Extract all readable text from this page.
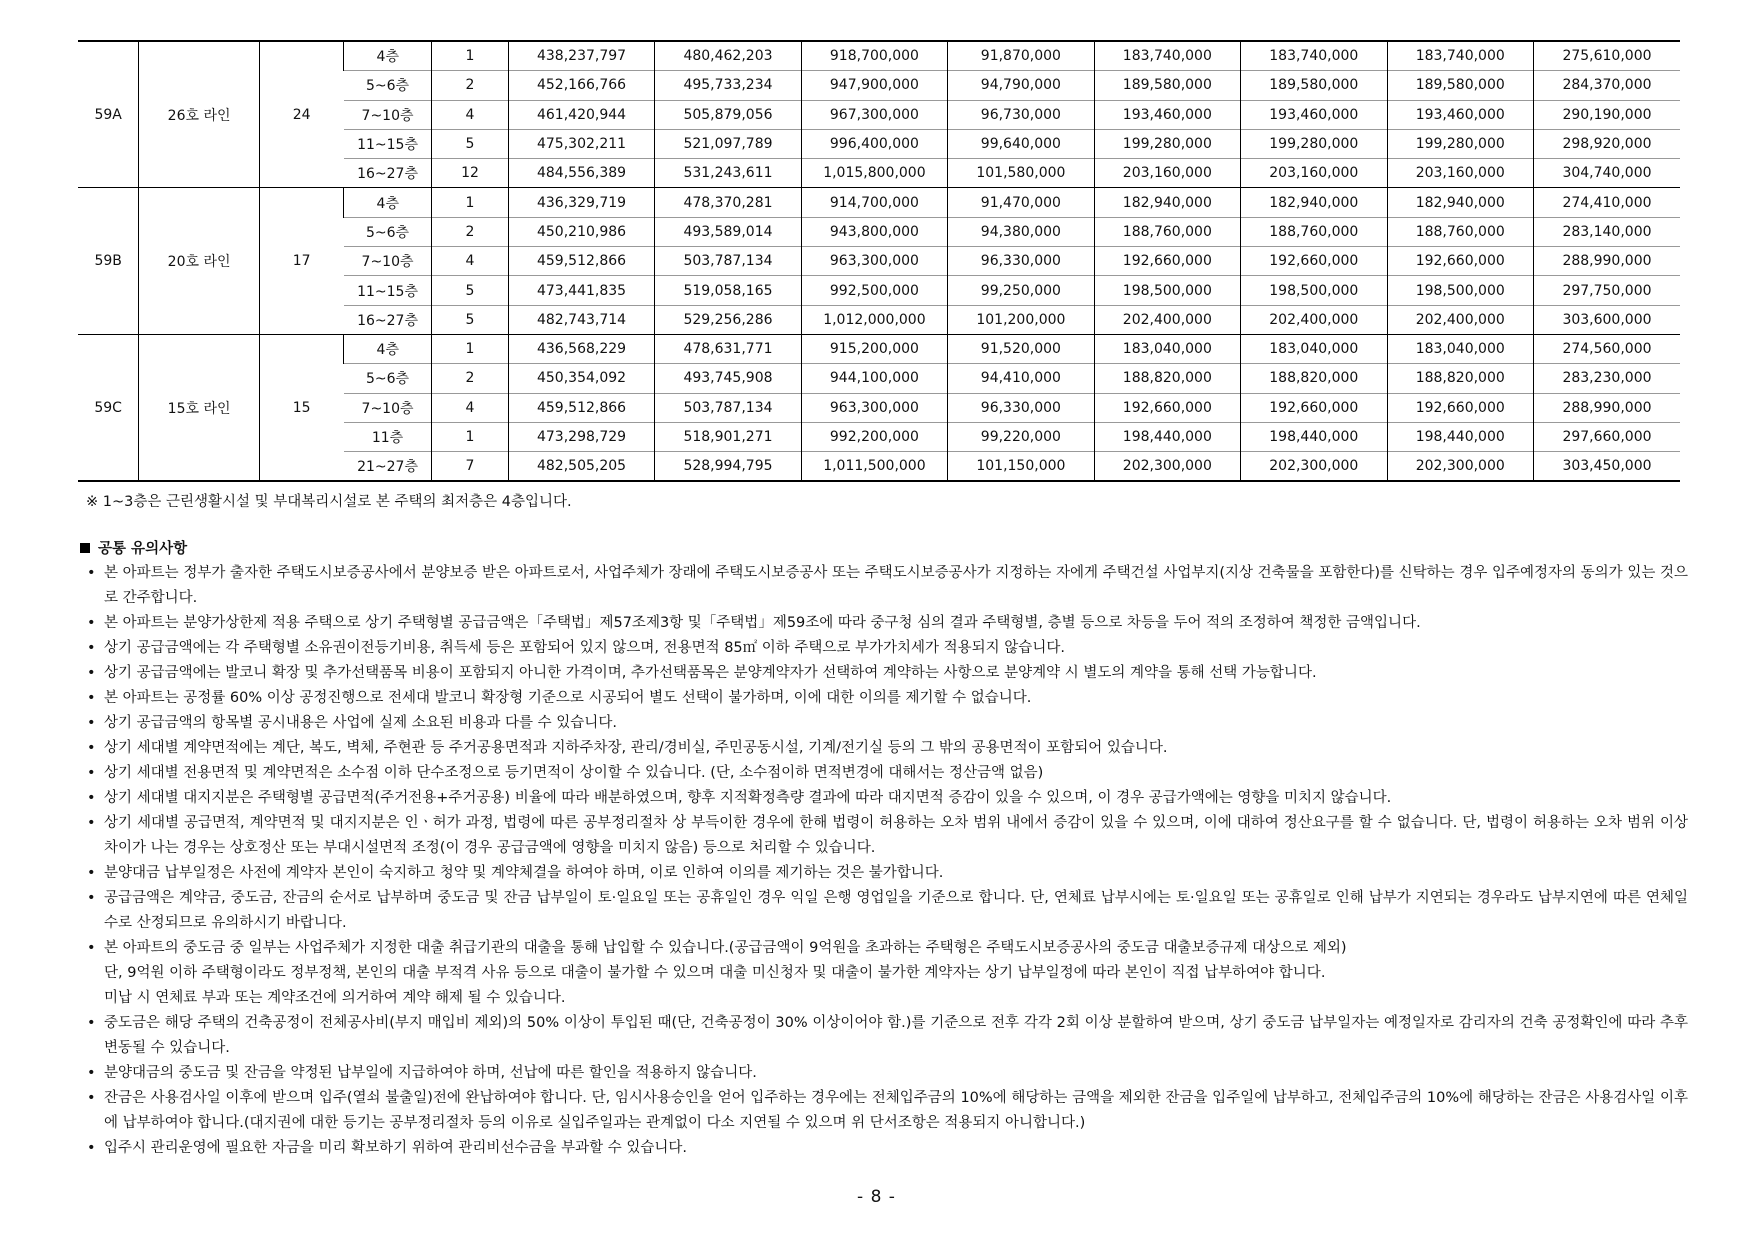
59A	26호 라인	24	4층	1	438,237,797	480,462,203	918,700,000	91,870,000	183,740,000	183,740,000	183,740,000	275,610,000
			5~6층	2	452,166,766	495,733,234	947,900,000	94,790,000	189,580,000	189,580,000	189,580,000	284,370,000
			7~10층	4	461,420,944	505,879,056	967,300,000	96,730,000	193,460,000	193,460,000	193,460,000	290,190,000
			11~15층	5	475,302,211	521,097,789	996,400,000	99,640,000	199,280,000	199,280,000	199,280,000	298,920,000
			16~27층	12	484,556,389	531,243,611	1,015,800,000	101,580,000	203,160,000	203,160,000	203,160,000	304,740,000
59B	20호 라인	17	4층	1	436,329,719	478,370,281	914,700,000	91,470,000	182,940,000	182,940,000	182,940,000	274,410,000
			5~6층	2	450,210,986	493,589,014	943,800,000	94,380,000	188,760,000	188,760,000	188,760,000	283,140,000
			7~10층	4	459,512,866	503,787,134	963,300,000	96,330,000	192,660,000	192,660,000	192,660,000	288,990,000
			11~15층	5	473,441,835	519,058,165	992,500,000	99,250,000	198,500,000	198,500,000	198,500,000	297,750,000
			16~27층	5	482,743,714	529,256,286	1,012,000,000	101,200,000	202,400,000	202,400,000	202,400,000	303,600,000
59C	15호 라인	15	4층	1	436,568,229	478,631,771	915,200,000	91,520,000	183,040,000	183,040,000	183,040,000	274,560,000
			5~6층	2	450,354,092	493,745,908	944,100,000	94,410,000	188,820,000	188,820,000	188,820,000	283,230,000
			7~10층	4	459,512,866	503,787,134	963,300,000	96,330,000	192,660,000	192,660,000	192,660,000	288,990,000
			11층	1	473,298,729	518,901,271	992,200,000	99,220,000	198,440,000	198,440,000	198,440,000	297,660,000
			21~27층	7	482,505,205	528,994,795	1,011,500,000	101,150,000	202,300,000	202,300,000	202,300,000	303,450,000
※ 1~3층은 근린생활시설 및 부대복리시설로 본 주택의 최저층은 4층입니다.
공통 유의사항
• 본 아파트는 정부가 출자한 주택도시보증공사에서 분양보증 받은 아파트로서, 사업주체가 장래에 주택도시보증공사 또는 주택도시보증공사가 지정하는 자에게 주택건설 사업부지(지상 건축물을 포함한다)를 신탁하는 경우 입주예정자의 동의가 있는 것으로 간주합니다.
• 본 아파트는 분양가상한제 적용 주택으로 상기 주택형별 공급금액은「주택법」제57조제3항 및「주택법」제59조에 따라 중구청 심의 결과 주택형별, 층별 등으로 차등을 두어 적의 조정하여 책정한 금액입니다.
• 상기 공급금액에는 각 주택형별 소유권이전등기비용, 취득세 등은 포함되어 있지 않으며, 전용면적 85㎡ 이하 주택으로 부가가치세가 적용되지 않습니다.
• 상기 공급금액에는 발코니 확장 및 추가선택품목 비용이 포함되지 아니한 가격이며, 추가선택품목은 분양계약자가 선택하여 계약하는 사항으로 분양계약 시 별도의 계약을 통해 선택 가능합니다.
• 본 아파트는 공정률 60% 이상 공정진행으로 전세대 발코니 확장형 기준으로 시공되어 별도 선택이 불가하며, 이에 대한 이의를 제기할 수 없습니다.
• 상기 공급금액의 항목별 공시내용은 사업에 실제 소요된 비용과 다를 수 있습니다.
• 상기 세대별 계약면적에는 계단, 복도, 벽체, 주현관 등 주거공용면적과 지하주차장, 관리/경비실, 주민공동시설, 기계/전기실 등의 그 밖의 공용면적이 포함되어 있습니다.
• 상기 세대별 전용면적 및 계약면적은 소수점 이하 단수조정으로 등기면적이 상이할 수 있습니다. (단, 소수점이하 면적변경에 대해서는 정산금액 없음)
• 상기 세대별 대지지분은 주택형별 공급면적(주거전용+주거공용) 비율에 따라 배분하였으며, 향후 지적확정측량 결과에 따라 대지면적 증감이 있을 수 있으며, 이 경우 공급가액에는 영향을 미치지 않습니다.
• 상기 세대별 공급면적, 계약면적 및 대지지분은 인ㆍ허가 과정, 법령에 따른 공부정리절차 상 부득이한 경우에 한해 법령이 허용하는 오차 범위 내에서 증감이 있을 수 있으며, 이에 대하여 정산요구를 할 수 없습니다. 단, 법령이 허용하는 오차 범위 이상 차이가 나는 경우는 상호정산 또는 부대시설면적 조정(이 경우 공급금액에 영향을 미치지 않음) 등으로 처리할 수 있습니다.
• 분양대금 납부일정은 사전에 계약자 본인이 숙지하고 청약 및 계약체결을 하여야 하며, 이로 인하여 이의를 제기하는 것은 불가합니다.
• 공급금액은 계약금, 중도금, 잔금의 순서로 납부하며 중도금 및 잔금 납부일이 토·일요일 또는 공휴일인 경우 익일 은행 영업일을 기준으로 합니다. 단, 연체료 납부시에는 토·일요일 또는 공휴일로 인해 납부가 지연되는 경우라도 납부지연에 따른 연체일수로 산정되므로 유의하시기 바랍니다.
• 본 아파트의 중도금 중 일부는 사업주체가 지정한 대출 취급기관의 대출을 통해 납입할 수 있습니다.(공급금액이 9억원을 초과하는 주택형은 주택도시보증공사의 중도금 대출보증규제 대상으로 제외)
단, 9억원 이하 주택형이라도 정부정책, 본인의 대출 부적격 사유 등으로 대출이 불가할 수 있으며 대출 미신청자 및 대출이 불가한 계약자는 상기 납부일정에 따라 본인이 직접 납부하여야 합니다.
미납 시 연체료 부과 또는 계약조건에 의거하여 계약 해제 될 수 있습니다.
• 중도금은 해당 주택의 건축공정이 전체공사비(부지 매입비 제외)의 50% 이상이 투입된 때(단, 건축공정이 30% 이상이어야 함.)를 기준으로 전후 각각 2회 이상 분할하여 받으며, 상기 중도금 납부일자는 예정일자로 감리자의 건축 공정확인에 따라 추후 변동될 수 있습니다.
• 분양대금의 중도금 및 잔금을 약정된 납부일에 지급하여야 하며, 선납에 따른 할인을 적용하지 않습니다.
• 잔금은 사용검사일 이후에 받으며 입주(열쇠 불출일)전에 완납하여야 합니다. 단, 임시사용승인을 얻어 입주하는 경우에는 전체입주금의 10%에 해당하는 금액을 제외한 잔금을 입주일에 납부하고, 전체입주금의 10%에 해당하는 잔금은 사용검사일 이후에 납부하여야 합니다.(대지권에 대한 등기는 공부정리절차 등의 이유로 실입주일과는 관계없이 다소 지연될 수 있으며 위 단서조항은 적용되지 아니합니다.)
• 입주시 관리운영에 필요한 자금을 미리 확보하기 위하여 관리비선수금을 부과할 수 있습니다.
- 8 -
